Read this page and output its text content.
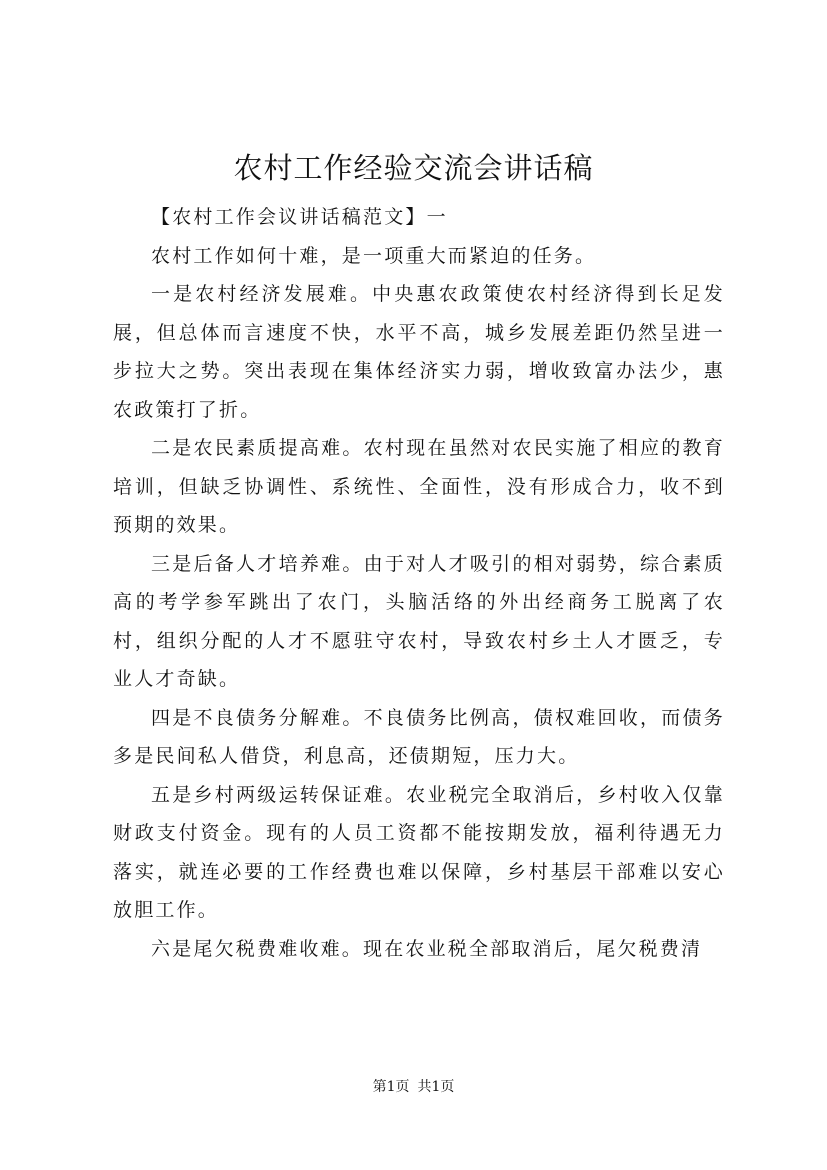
农村工作经验交流会讲话稿

【农村工作会议讲话稿范文】一

农村工作如何十难，是一项重大而紧迫的任务。

一是农村经济发展难。中央惠农政策使农村经济得到长足发展，但总体而言速度不快，水平不高，城乡发展差距仍然呈进一步拉大之势。突出表现在集体经济实力弱，增收致富办法少，惠农政策打了折。

二是农民素质提高难。农村现在虽然对农民实施了相应的教育培训，但缺乏协调性、系统性、全面性，没有形成合力，收不到预期的效果。

三是后备人才培养难。由于对人才吸引的相对弱势，综合素质高的考学参军跳出了农门，头脑活络的外出经商务工脱离了农村，组织分配的人才不愿驻守农村，导致农村乡土人才匮乏，专业人才奇缺。

四是不良债务分解难。不良债务比例高，债权难回收，而债务多是民间私人借贷，利息高，还债期短，压力大。

五是乡村两级运转保证难。农业税完全取消后，乡村收入仅靠财政支付资金。现有的人员工资都不能按期发放，福利待遇无力落实，就连必要的工作经费也难以保障，乡村基层干部难以安心放胆工作。

六是尾欠税费难收难。现在农业税全部取消后，尾欠税费清

第1页 共1页
